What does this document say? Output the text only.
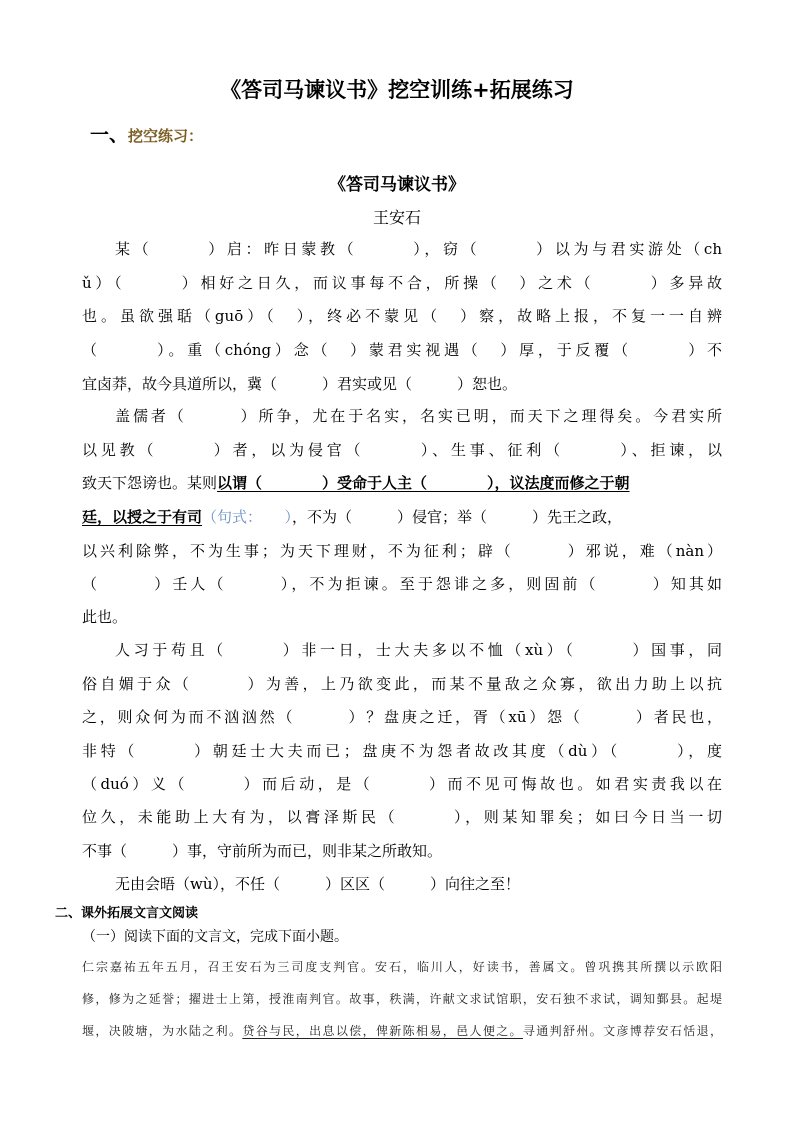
《答司马谏议书》挖空训练+拓展练习
一、挖空练习：
《答司马谏议书》
王安石
某（　　　）启：昨日蒙教（　　　），窃（　　　）以为与君实游处（ch
ǔ）（　　　）相好之日久，而议事每不合，所操（　）之术（　　　）多异故
也。虽欲强聒（guō）（　），终必不蒙见（　）察，故略上报，不复一一自辨
（　　　）。重（chóng）念（　）蒙君实视遇（　）厚，于反覆（　　　）不
宜卤莽，故今具道所以，冀（　　　）君实或见（　　　）恕也。
盖儒者（　　　）所争，尤在于名实，名实已明，而天下之理得矣。今君实所
以见教（　　　）者，以为侵官（　　　）、生事、征利（　　　）、拒谏，以
致天下怨谤也。某则以谓（　　　　）受命于人主（　　　　），议法度而修之于朝
廷，以授之于有司（句式：　　），不为（　　　）侵官；举（　　　）先王之政，
以兴利除弊，不为生事；为天下理财，不为征利；辟（　　　）邪说，难（nàn）
（　　　）壬人（　　　），不为拒谏。至于怨诽之多，则固前（　　　）知其如
此也。
人习于苟且（　　　）非一日，士大夫多以不恤（xù）（　　　）国事，同
俗自媚于众（　　　）为善，上乃欲变此，而某不量敌之众寡，欲出力助上以抗
之，则众何为而不汹汹然（　　　）？盘庚之迁，胥（xū）怨（　　　）者民也，
非特（　　　）朝廷士大夫而已；盘庚不为怨者故改其度（dù）（　　　），度
（duó）义（　　　）而后动，是（　　　）而不见可悔故也。如君实责我以在
位久，未能助上大有为，以膏泽斯民（　　　），则某知罪矣；如曰今日当一切
不事（　　　）事，守前所为而已，则非某之所敢知。
无由会晤（wù），不任（　　　）区区（　　　）向往之至！
二、课外拓展文言文阅读
（一）阅读下面的文言文，完成下面小题。
仁宗嘉祐五年五月，召王安石为三司度支判官。安石，临川人，好读书，善属文。曾巩携其所撰以示欧阳
修，修为之延誉；擢进士上第，授淮南判官。故事，秩满，许献文求试馆职，安石独不求试，调知鄞县。起堤
堰，决陂塘，为水陆之利。贷谷与民，出息以偿，俾新陈相易，邑人便之。寻通判舒州。文彦博荐安石恬退，
